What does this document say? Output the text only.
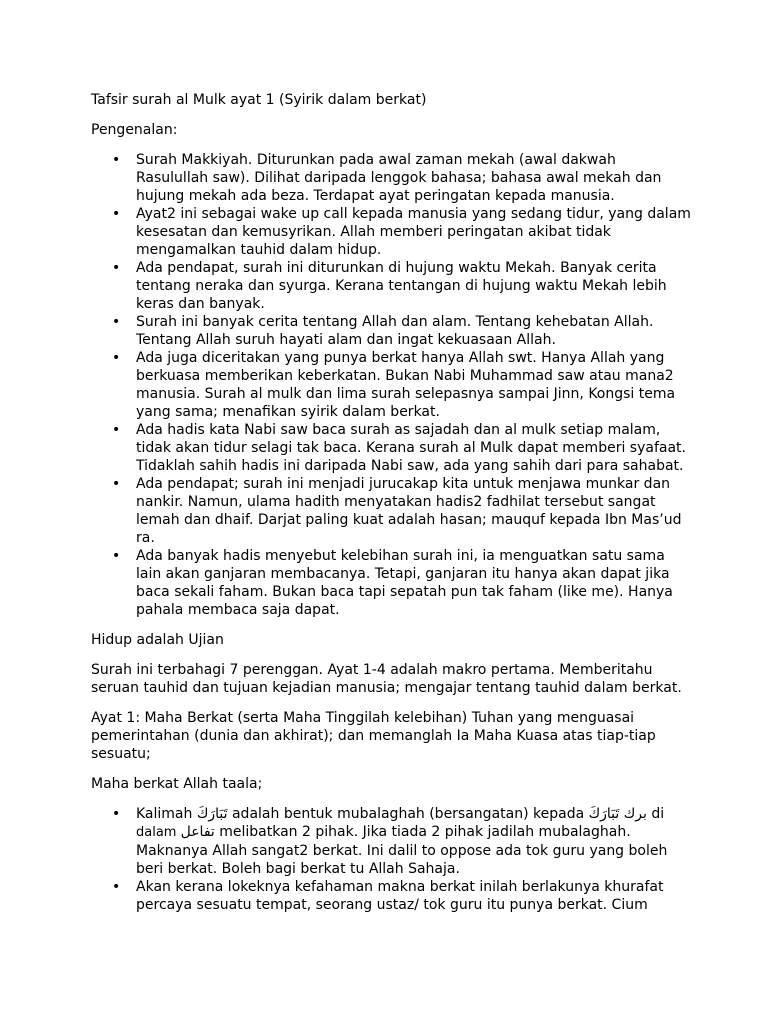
Tafsir surah al Mulk ayat 1 (Syirik dalam berkat)

Pengenalan:

• Surah Makkiyah. Diturunkan pada awal zaman mekah (awal dakwah Rasulullah saw). Dilihat daripada lenggok bahasa; bahasa awal mekah dan hujung mekah ada beza. Terdapat ayat peringatan kepada manusia.
• Ayat2 ini sebagai wake up call kepada manusia yang sedang tidur, yang dalam kesesatan dan kemusyrikan. Allah memberi peringatan akibat tidak mengamalkan tauhid dalam hidup.
• Ada pendapat, surah ini diturunkan di hujung waktu Mekah. Banyak cerita tentang neraka dan syurga. Kerana tentangan di hujung waktu Mekah lebih keras dan banyak.
• Surah ini banyak cerita tentang Allah dan alam. Tentang kehebatan Allah. Tentang Allah suruh hayati alam dan ingat kekuasaan Allah.
• Ada juga diceritakan yang punya berkat hanya Allah swt. Hanya Allah yang berkuasa memberikan keberkatan. Bukan Nabi Muhammad saw atau mana2 manusia. Surah al mulk dan lima surah selepasnya sampai Jinn, Kongsi tema yang sama; menafikan syirik dalam berkat.
• Ada hadis kata Nabi saw baca surah as sajadah dan al mulk setiap malam, tidak akan tidur selagi tak baca. Kerana surah al Mulk dapat memberi syafaat. Tidaklah sahih hadis ini daripada Nabi saw, ada yang sahih dari para sahabat.
• Ada pendapat; surah ini menjadi jurucakap kita untuk menjawa munkar dan nankir. Namun, ulama hadith menyatakan hadis2 fadhilat tersebut sangat lemah dan dhaif. Darjat paling kuat adalah hasan; mauquf kepada Ibn Mas’ud ra.
• Ada banyak hadis menyebut kelebihan surah ini, ia menguatkan satu sama lain akan ganjaran membacanya. Tetapi, ganjaran itu hanya akan dapat jika baca sekali faham. Bukan baca tapi sepatah pun tak faham (like me). Hanya pahala membaca saja dapat.

Hidup adalah Ujian

Surah ini terbahagi 7 perenggan. Ayat 1-4 adalah makro pertama. Memberitahu seruan tauhid dan tujuan kejadian manusia; mengajar tentang tauhid dalam berkat.

Ayat 1: Maha Berkat (serta Maha Tinggilah kelebihan) Tuhan yang menguasai pemerintahan (dunia dan akhirat); dan memanglah Ia Maha Kuasa atas tiap-tiap sesuatu;

Maha berkat Allah taala;

• Kalimah تَبَارَكَ adalah bentuk mubalaghah (bersangatan) kepada تَبَارَكَ برك di dalam تفاعل melibatkan 2 pihak. Jika tiada 2 pihak jadilah mubalaghah. Maknanya Allah sangat2 berkat. Ini dalil to oppose ada tok guru yang boleh beri berkat. Boleh bagi berkat tu Allah Sahaja.
• Akan kerana lokeknya kefahaman makna berkat inilah berlakunya khurafat percaya sesuatu tempat, seorang ustaz/ tok guru itu punya berkat. Cium
